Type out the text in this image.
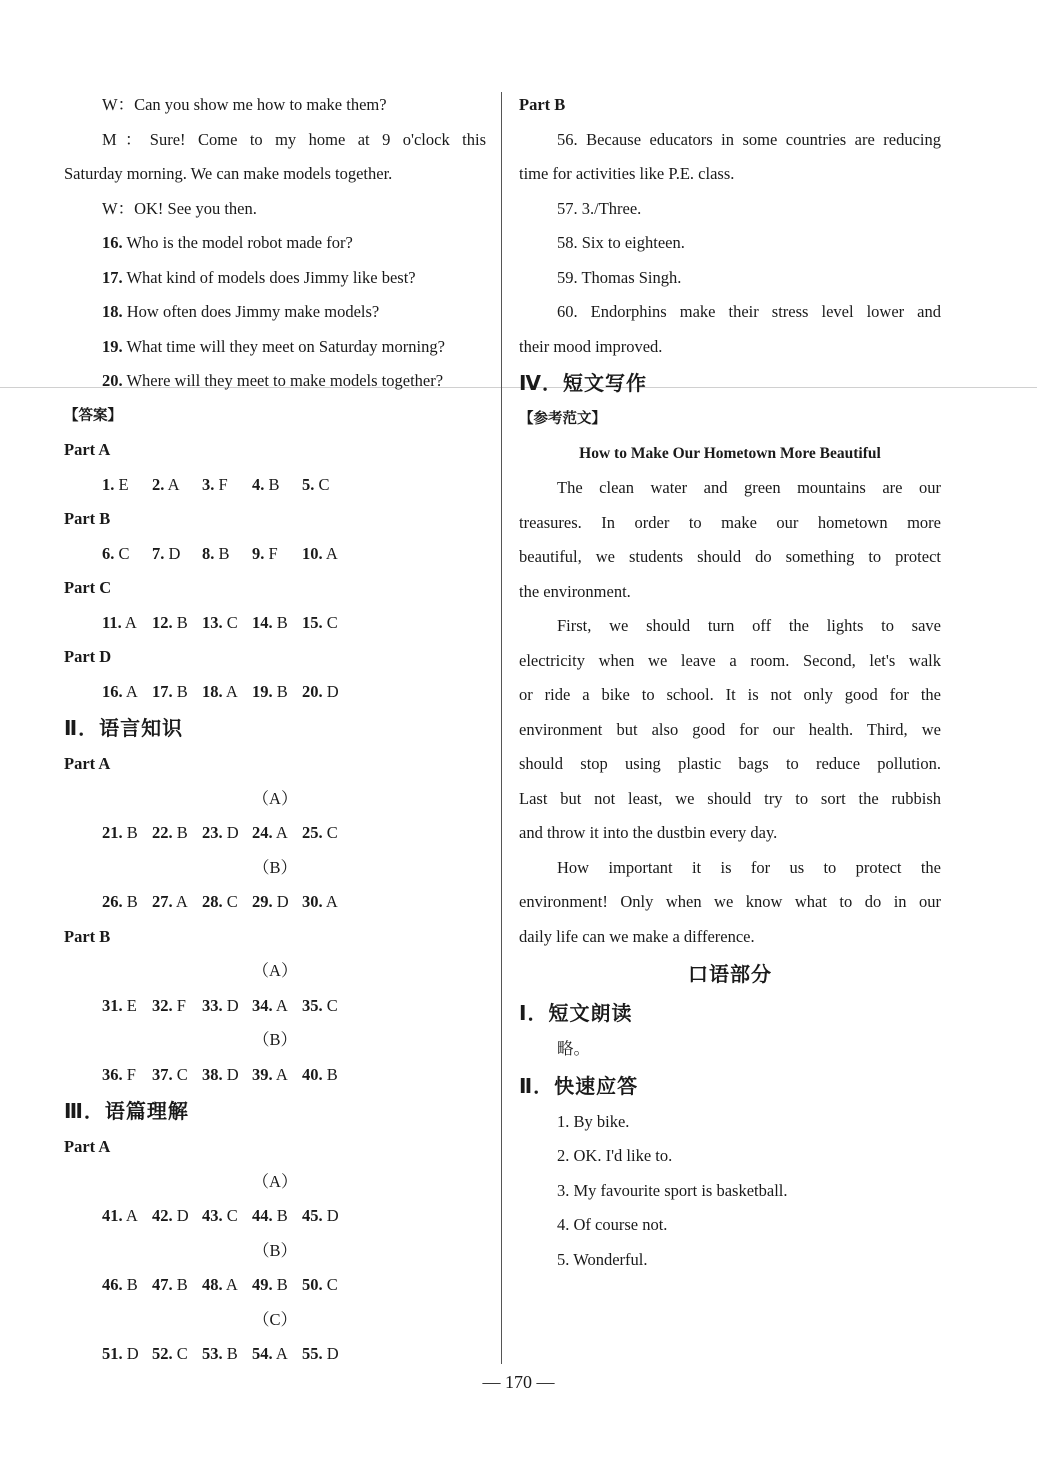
W：Can you show me how to make them?
M：Sure! Come to my home at 9 o'clock this
Saturday morning. We can make models together.
W：OK! See you then.
16. Who is the model robot made for?
17. What kind of models does Jimmy like best?
18. How often does Jimmy make models?
19. What time will they meet on Saturday morning?
20. Where will they meet to make models together?
【答案】
Part A
1. E 2. A 3. F 4. B 5. C
Part B
6. C 7. D 8. B 9. F 10. A
Part C
11. A 12. B 13. C 14. B 15. C
Part D
16. A 17. B 18. A 19. B 20. D
Ⅱ．语言知识
Part A
（A）
21. B 22. B 23. D 24. A 25. C
（B）
26. B 27. A 28. C 29. D 30. A
Part B
（A）
31. E 32. F 33. D 34. A 35. C
（B）
36. F 37. C 38. D 39. A 40. B
Ⅲ．语篇理解
Part A
（A）
41. A 42. D 43. C 44. B 45. D
（B）
46. B 47. B 48. A 49. B 50. C
（C）
51. D 52. C 53. B 54. A 55. D
Part B
56. Because educators in some countries are reducing
time for activities like P.E. class.
57. 3./Three.
58. Six to eighteen.
59. Thomas Singh.
60. Endorphins make their stress level lower and
their mood improved.
Ⅳ．短文写作
【参考范文】
How to Make Our Hometown More Beautiful
The clean water and green mountains are our
treasures. In order to make our hometown more
beautiful, we students should do something to protect
the environment.
First, we should turn off the lights to save
electricity when we leave a room. Second, let's walk
or ride a bike to school. It is not only good for the
environment but also good for our health. Third, we
should stop using plastic bags to reduce pollution.
Last but not least, we should try to sort the rubbish
and throw it into the dustbin every day.
How important it is for us to protect the
environment! Only when we know what to do in our
daily life can we make a difference.
口语部分
Ⅰ．短文朗读
略。
Ⅱ．快速应答
1. By bike.
2. OK. I'd like to.
3. My favourite sport is basketball.
4. Of course not.
5. Wonderful.
— 170 —
